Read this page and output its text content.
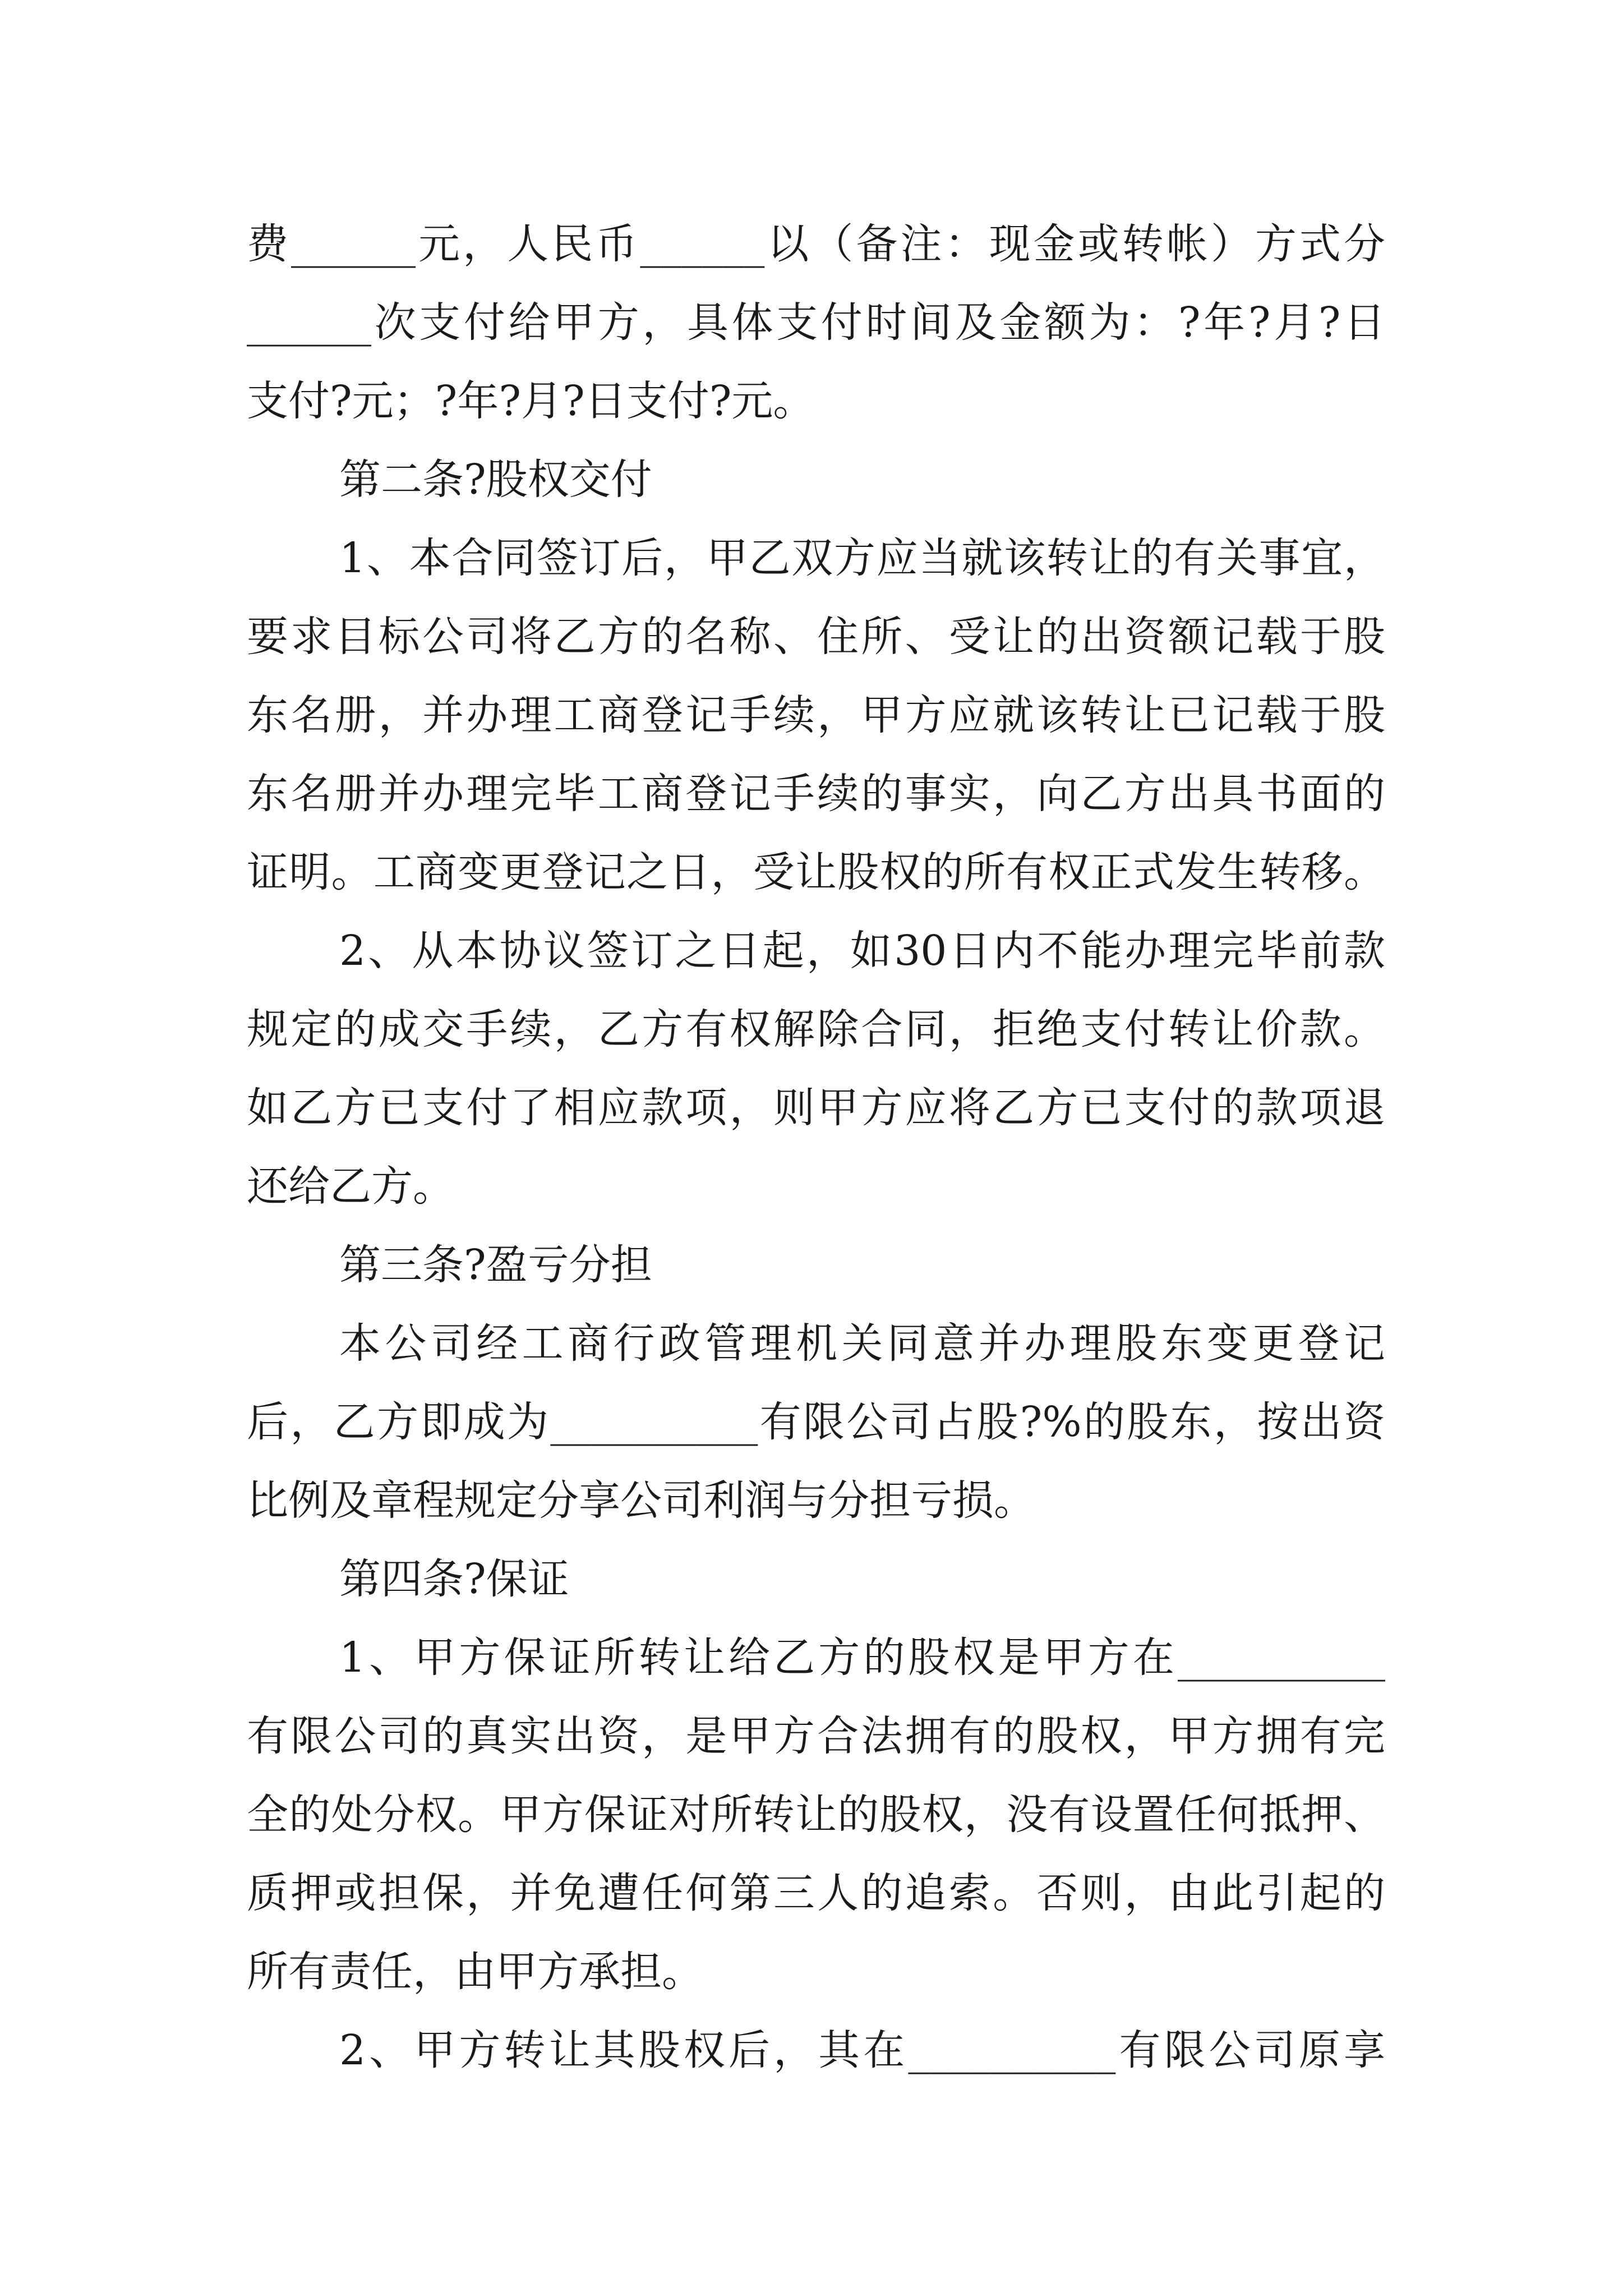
费______元，人民币______以（备注：现金或转帐）方式分
______次支付给甲方，具体支付时间及金额为：?年?月?日
支付?元；?年?月?日支付?元。
第二条?股权交付
1、本合同签订后，甲乙双方应当就该转让的有关事宜，
要求目标公司将乙方的名称、住所、受让的出资额记载于股
东名册，并办理工商登记手续，甲方应就该转让已记载于股
东名册并办理完毕工商登记手续的事实，向乙方出具书面的
证明。工商变更登记之日，受让股权的所有权正式发生转移。
2、从本协议签订之日起，如30日内不能办理完毕前款
规定的成交手续，乙方有权解除合同，拒绝支付转让价款。
如乙方已支付了相应款项，则甲方应将乙方已支付的款项退
还给乙方。
第三条?盈亏分担
本公司经工商行政管理机关同意并办理股东变更登记
后，乙方即成为__________有限公司占股?%的股东，按出资
比例及章程规定分享公司利润与分担亏损。
第四条?保证
1、甲方保证所转让给乙方的股权是甲方在__________
有限公司的真实出资，是甲方合法拥有的股权，甲方拥有完
全的处分权。甲方保证对所转让的股权，没有设置任何抵押、
质押或担保，并免遭任何第三人的追索。否则，由此引起的
所有责任，由甲方承担。
2、甲方转让其股权后，其在__________有限公司原享
